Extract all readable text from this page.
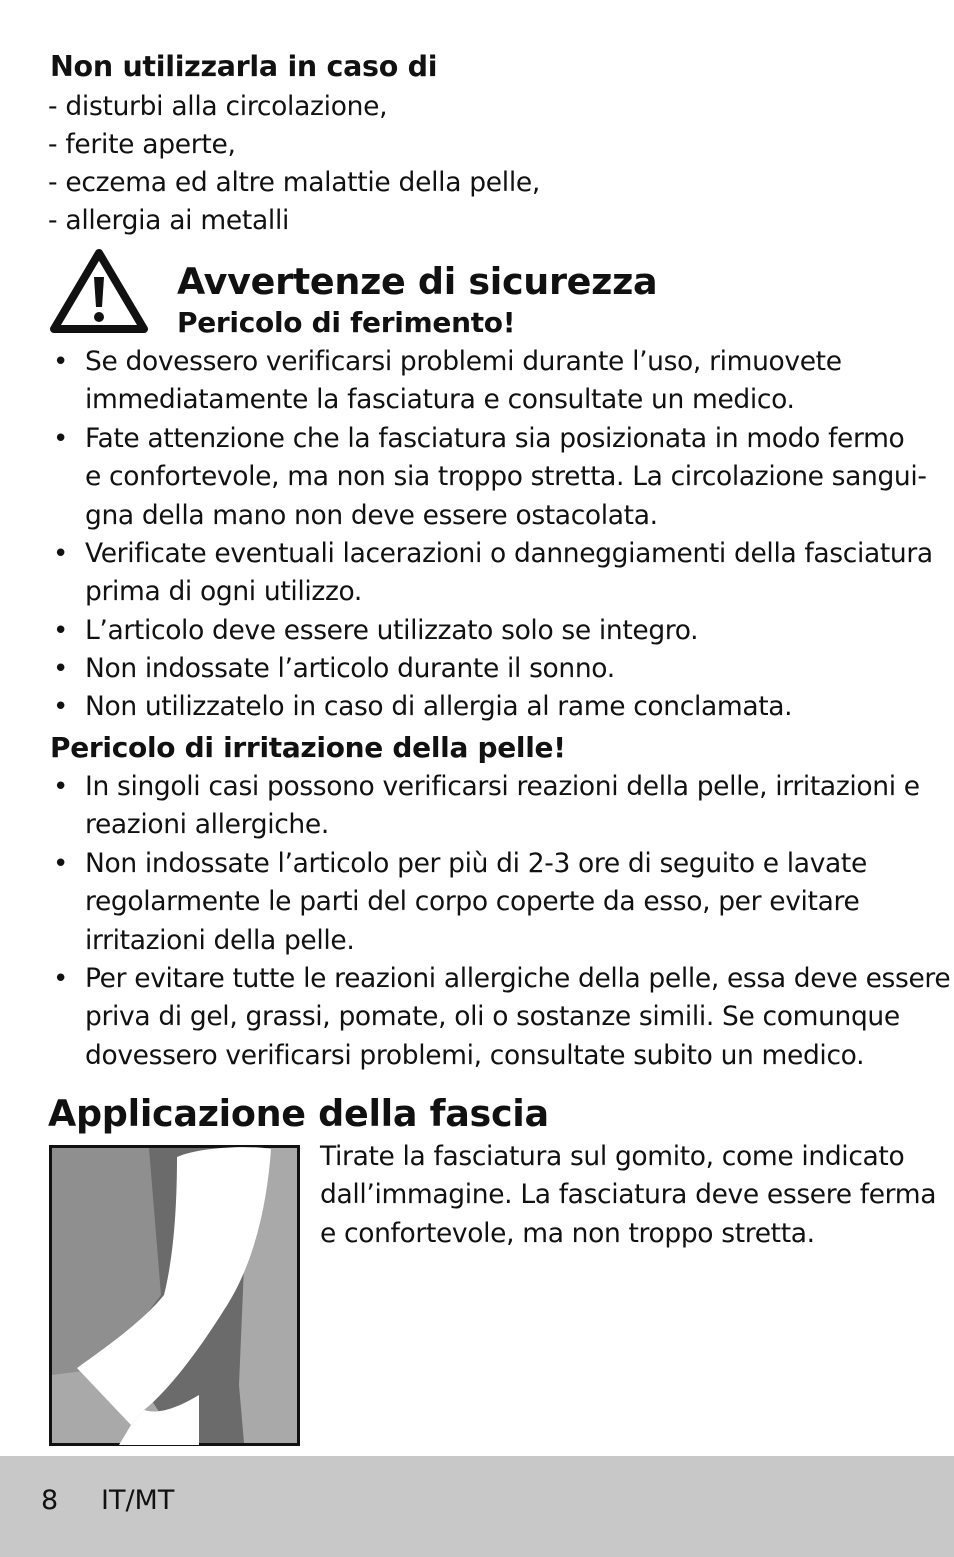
Non utilizzarla in caso di
- disturbi alla circolazione,
- ferite aperte,
- eczema ed altre malattie della pelle,
- allergia ai metalli
Avvertenze di sicurezza
Pericolo di ferimento!
• Se dovessero verificarsi problemi durante l’uso, rimuovete
immediatamente la fasciatura e consultate un medico.
• Fate attenzione che la fasciatura sia posizionata in modo fermo
e confortevole, ma non sia troppo stretta. La circolazione sangui-
gna della mano non deve essere ostacolata.
• Verificate eventuali lacerazioni o danneggiamenti della fasciatura
prima di ogni utilizzo.
• L’articolo deve essere utilizzato solo se integro.
• Non indossate l’articolo durante il sonno.
• Non utilizzatelo in caso di allergia al rame conclamata.
Pericolo di irritazione della pelle!
• In singoli casi possono verificarsi reazioni della pelle, irritazioni e
reazioni allergiche.
• Non indossate l’articolo per più di 2-3 ore di seguito e lavate
regolarmente le parti del corpo coperte da esso, per evitare
irritazioni della pelle.
• Per evitare tutte le reazioni allergiche della pelle, essa deve essere
priva di gel, grassi, pomate, oli o sostanze simili. Se comunque
dovessero verificarsi problemi, consultate subito un medico.
Applicazione della fascia
Tirate la fasciatura sul gomito, come indicato
dall’immagine. La fasciatura deve essere ferma
e confortevole, ma non troppo stretta.
8 IT/MT
